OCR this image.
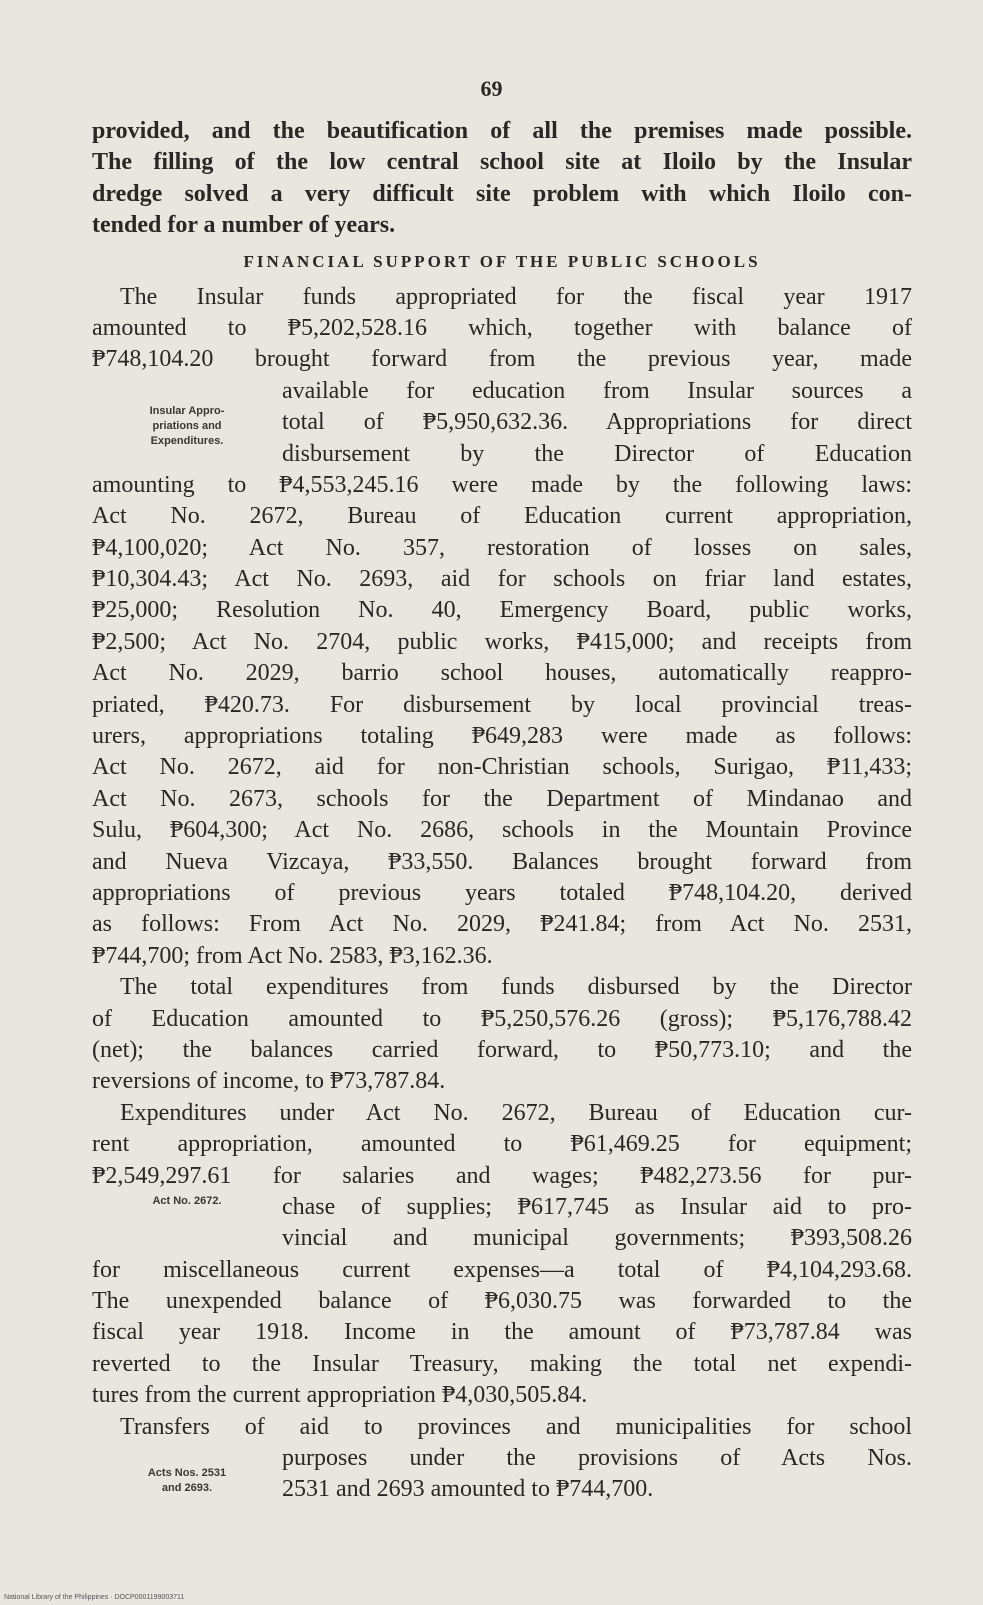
69
provided, and the beautification of all the premises made possible.
The filling of the low central school site at Iloilo by the Insular
dredge solved a very difficult site problem with which Iloilo con-
tended for a number of years.
FINANCIAL SUPPORT OF THE PUBLIC SCHOOLS
The Insular funds appropriated for the fiscal year 1917
amounted to ₱5,202,528.16 which, together with balance of
₱748,104.20 brought forward from the previous year, made
available for education from Insular sources a
total of ₱5,950,632.36. Appropriations for direct
disbursement by the Director of Education
amounting to ₱4,553,245.16 were made by the following laws:
Act No. 2672, Bureau of Education current appropriation,
₱4,100,020; Act No. 357, restoration of losses on sales,
₱10,304.43; Act No. 2693, aid for schools on friar land estates,
₱25,000; Resolution No. 40, Emergency Board, public works,
₱2,500; Act No. 2704, public works, ₱415,000; and receipts from
Act No. 2029, barrio school houses, automatically reappro-
priated, ₱420.73. For disbursement by local provincial treas-
urers, appropriations totaling ₱649,283 were made as follows:
Act No. 2672, aid for non-Christian schools, Surigao, ₱11,433;
Act No. 2673, schools for the Department of Mindanao and
Sulu, ₱604,300; Act No. 2686, schools in the Mountain Province
and Nueva Vizcaya, ₱33,550. Balances brought forward from
appropriations of previous years totaled ₱748,104.20, derived
as follows: From Act No. 2029, ₱241.84; from Act No. 2531,
₱744,700; from Act No. 2583, ₱3,162.36.
The total expenditures from funds disbursed by the Director
of Education amounted to ₱5,250,576.26 (gross); ₱5,176,788.42
(net); the balances carried forward, to ₱50,773.10; and the
reversions of income, to ₱73,787.84.
Expenditures under Act No. 2672, Bureau of Education cur-
rent appropriation, amounted to ₱61,469.25 for equipment;
₱2,549,297.61 for salaries and wages; ₱482,273.56 for pur-
chase of supplies; ₱617,745 as Insular aid to pro-
vincial and municipal governments; ₱393,508.26
for miscellaneous current expenses—a total of ₱4,104,293.68.
The unexpended balance of ₱6,030.75 was forwarded to the
fiscal year 1918. Income in the amount of ₱73,787.84 was
reverted to the Insular Treasury, making the total net expendi-
tures from the current appropriation ₱4,030,505.84.
Transfers of aid to provinces and municipalities for school
purposes under the provisions of Acts Nos.
2531 and 2693 amounted to ₱744,700.
Insular Appro-
priations and
Expenditures.
Act No. 2672.
Acts Nos. 2531
and 2693.
National Library of the Philippines · DOCP0001199003711
